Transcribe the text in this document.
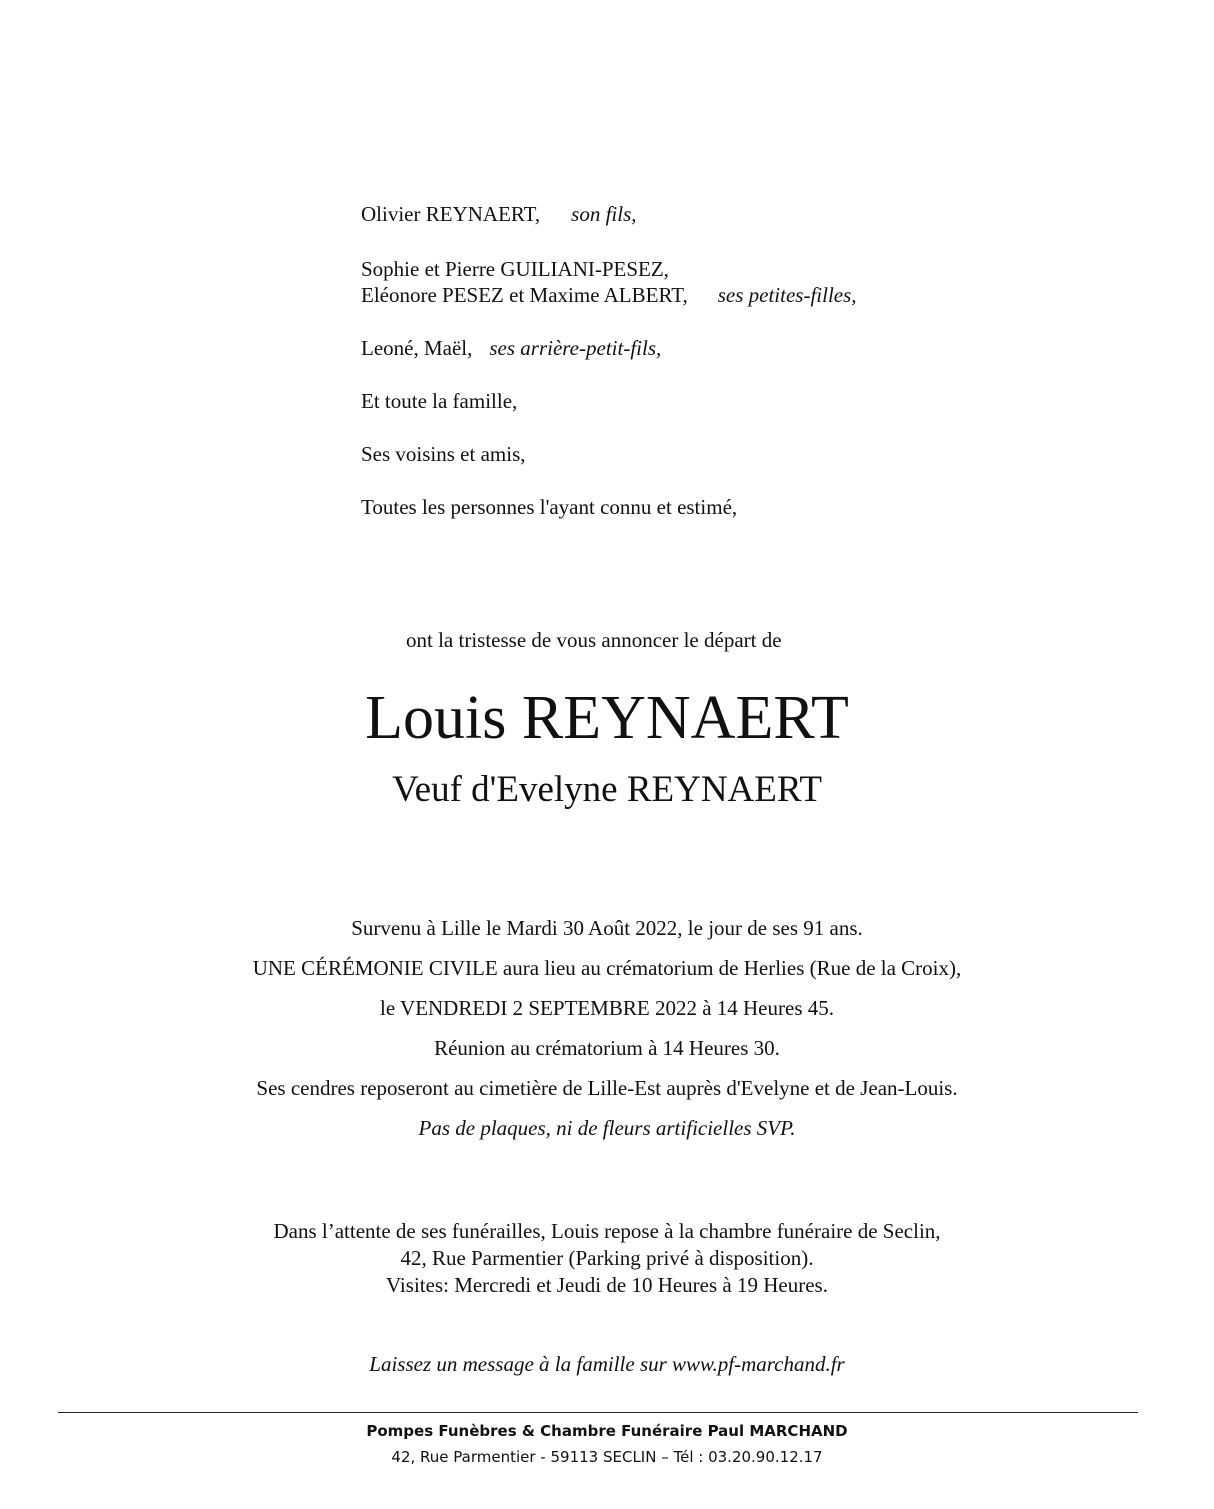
Olivier REYNAERT, son fils,
Sophie et Pierre GUILIANI-PESEZ,
Eléonore PESEZ et Maxime ALBERT, ses petites-filles,
Leoné, Maël, ses arrière-petit-fils,
Et toute la famille,
Ses voisins et amis,
Toutes les personnes l'ayant connu et estimé,
ont la tristesse de vous annoncer le départ de
Louis REYNAERT
Veuf d'Evelyne REYNAERT
Survenu à Lille le Mardi 30 Août 2022, le jour de ses 91 ans.
UNE CÉRÉMONIE CIVILE aura lieu au crématorium de Herlies (Rue de la Croix),
le VENDREDI 2 SEPTEMBRE 2022 à 14 Heures 45.
Réunion au crématorium à 14 Heures 30.
Ses cendres reposeront au cimetière de Lille-Est auprès d'Evelyne et de Jean-Louis.
Pas de plaques, ni de fleurs artificielles SVP.
Dans l’attente de ses funérailles, Louis repose à la chambre funéraire de Seclin,
42, Rue Parmentier (Parking privé à disposition).
Visites: Mercredi et Jeudi de 10 Heures à 19 Heures.
Laissez un message à la famille sur www.pf-marchand.fr
Pompes Funèbres & Chambre Funéraire Paul MARCHAND
42, Rue Parmentier - 59113 SECLIN – Tél : 03.20.90.12.17
